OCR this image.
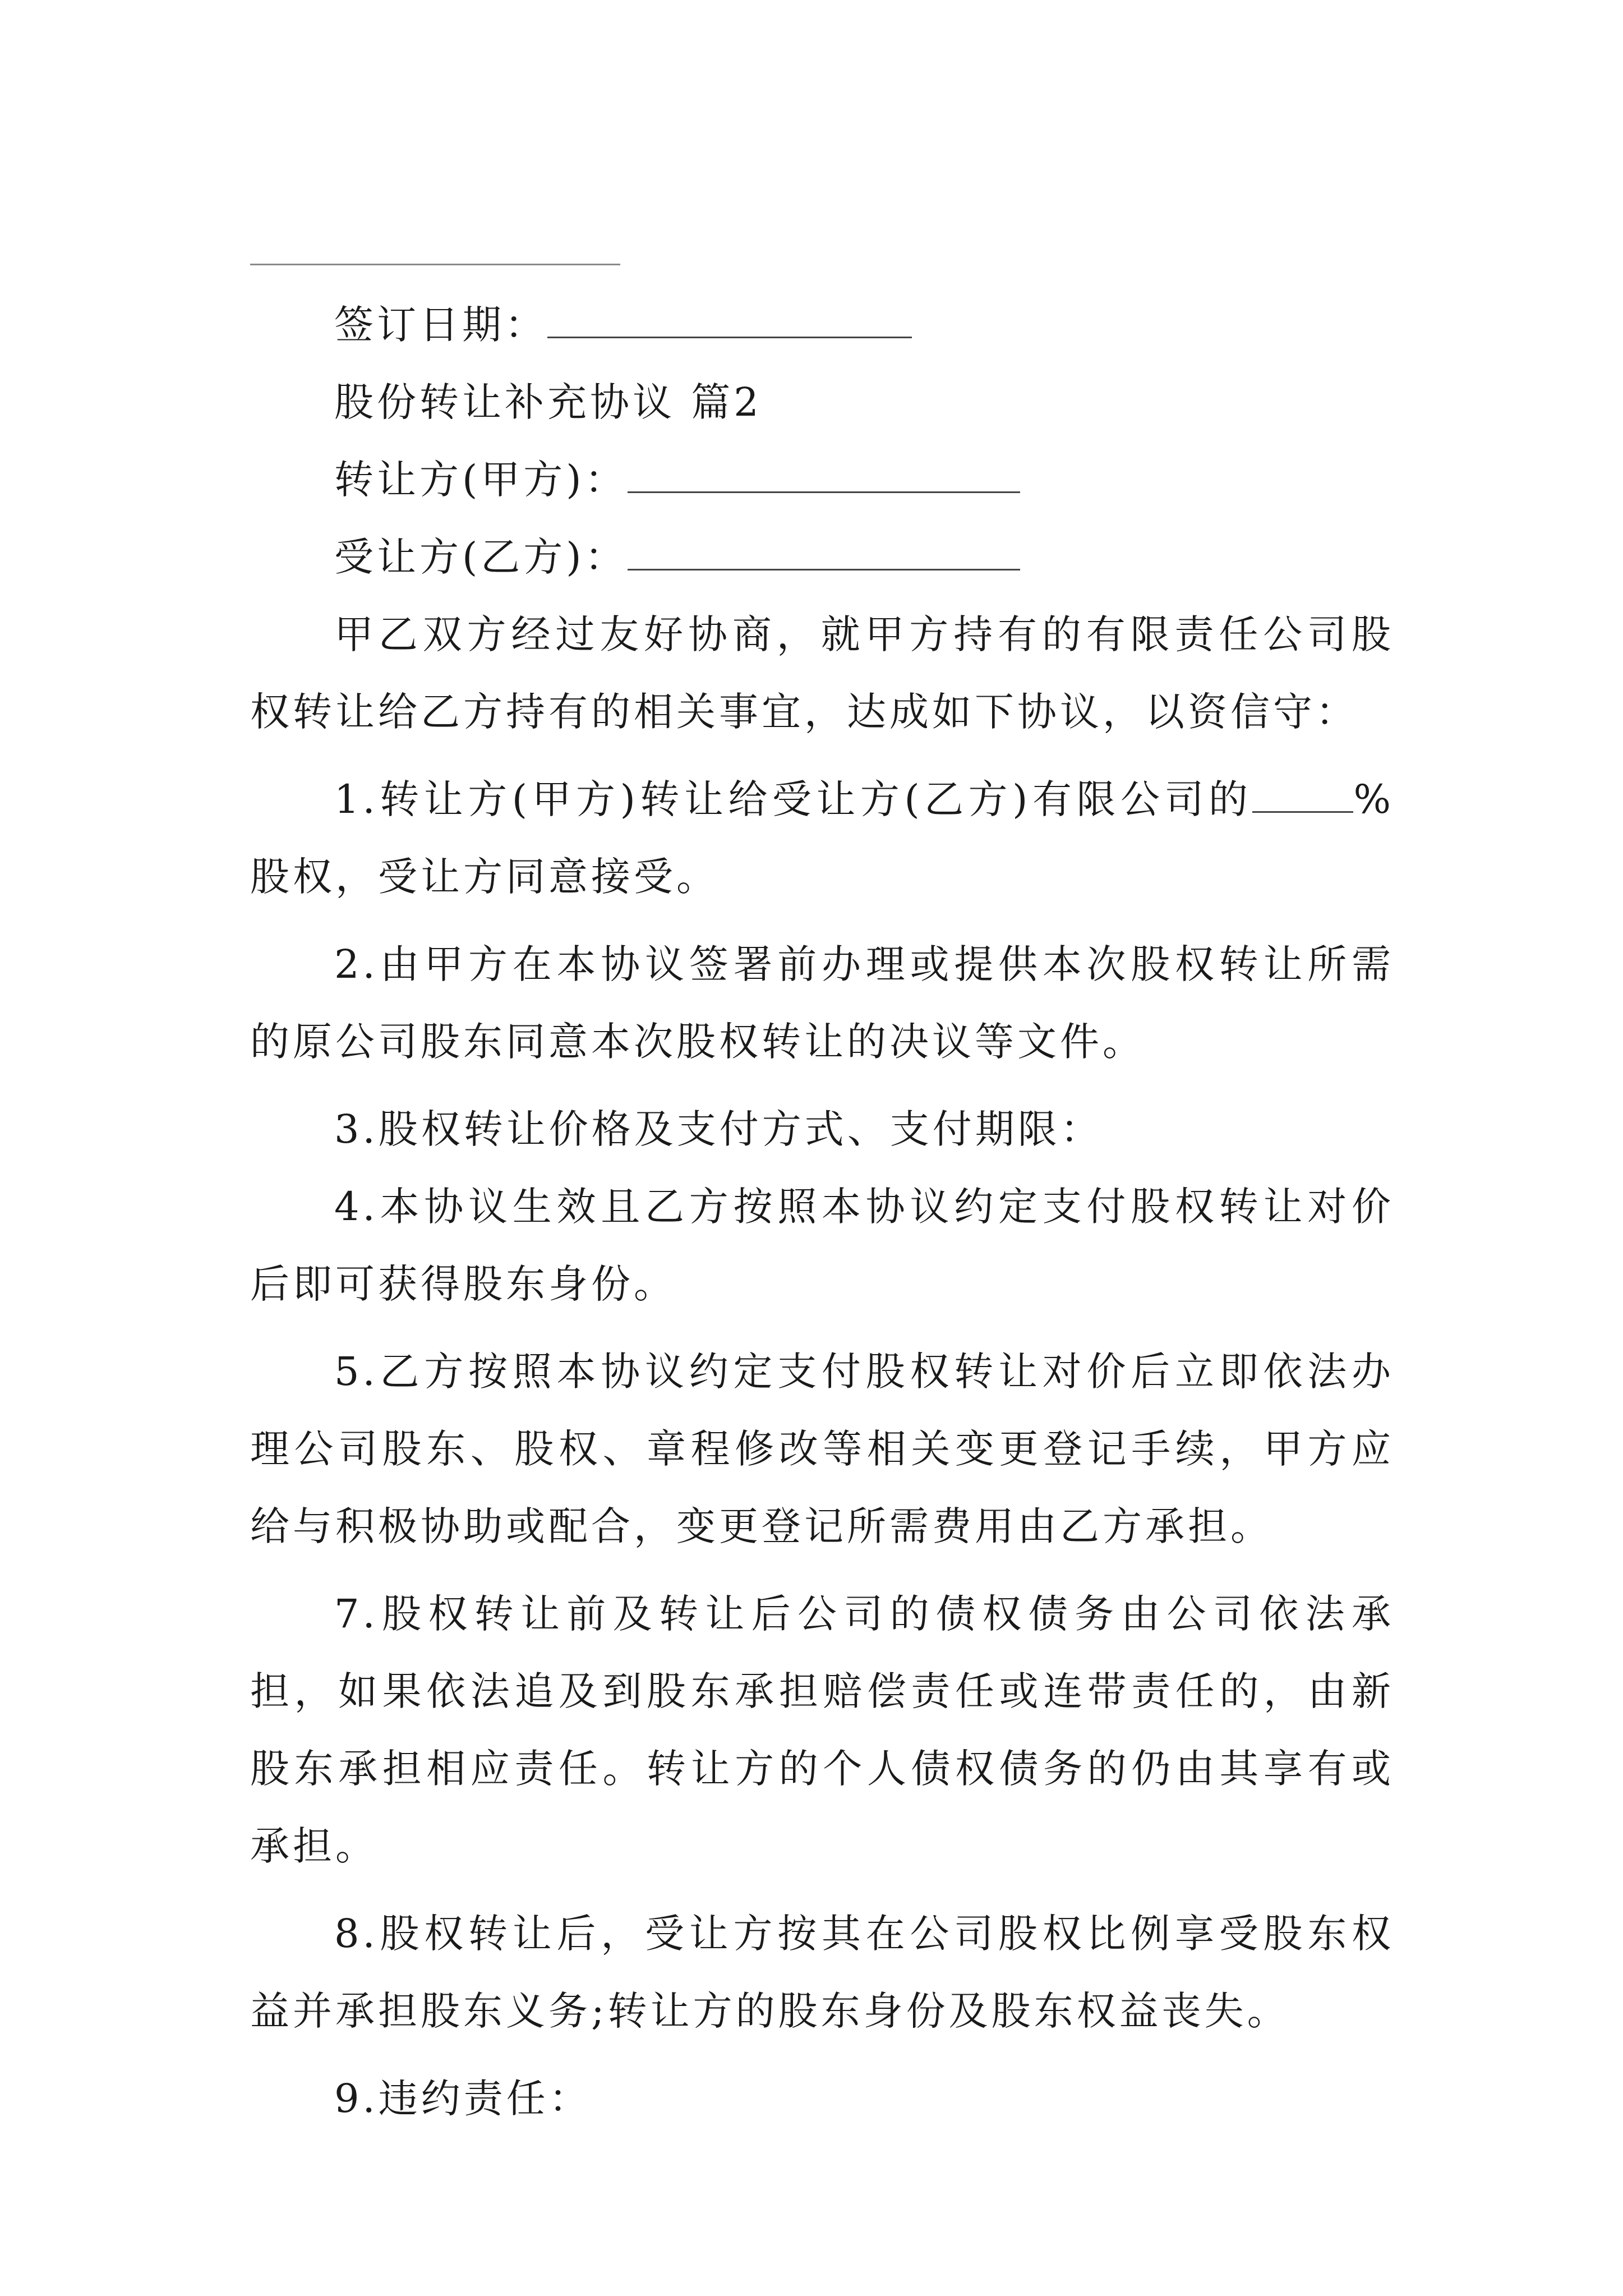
签订日期：

股份转让补充协议 篇2

转让方(甲方)：

受让方(乙方)：

甲乙双方经过友好协商，就甲方持有的有限责任公司股权转让给乙方持有的相关事宜，达成如下协议，以资信守：

1.转让方(甲方)转让给受让方(乙方)有限公司的	%股权，受让方同意接受。

2.由甲方在本协议签署前办理或提供本次股权转让所需的原公司股东同意本次股权转让的决议等文件。

3.股权转让价格及支付方式、支付期限：

4.本协议生效且乙方按照本协议约定支付股权转让对价后即可获得股东身份。

5.乙方按照本协议约定支付股权转让对价后立即依法办理公司股东、股权、章程修改等相关变更登记手续，甲方应给与积极协助或配合，变更登记所需费用由乙方承担。

7.股权转让前及转让后公司的债权债务由公司依法承担，如果依法追及到股东承担赔偿责任或连带责任的，由新股东承担相应责任。转让方的个人债权债务的仍由其享有或承担。

8.股权转让后，受让方按其在公司股权比例享受股东权益并承担股东义务;转让方的股东身份及股东权益丧失。

9.违约责任：
